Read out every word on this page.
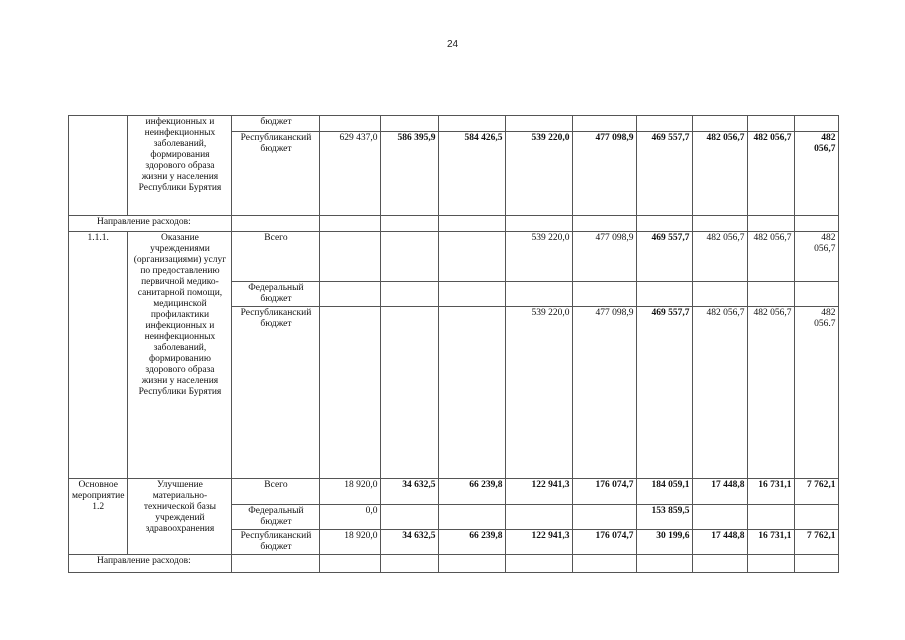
24
	инфекционных и неинфекционных заболеваний, формирования здорового образа жизни у населения Республики Бурятия	бюджет									
		Республиканский бюджет	629 437,0	586 395,9	584 426,5	539 220,0	477 098,9	469 557,7	482 056,7	482 056,7	482 056,7
Направление расходов:											
1.1.1.	Оказание учреждениями (организациями) услуг по предоставлению первичной медико-санитарной помощи, медицинской профилактики инфекционных и неинфекционных заболеваний, формированию здорового образа жизни у населения Республики Бурятия	Всего				539 220,0	477 098,9	469 557,7	482 056,7	482 056,7	482 056,7
		Федеральный бюджет									
		Республиканский бюджет				539 220,0	477 098,9	469 557,7	482 056,7	482 056,7	482 056.7
Основное мероприятие 1.2	Улучшение материально-технической базы учреждений здравоохранения	Всего	18 920,0	34 632,5	66 239,8	122 941,3	176 074,7	184 059,1	17 448,8	16 731,1	7 762,1
		Федеральный бюджет	0,0					153 859,5			
		Республиканский бюджет	18 920,0	34 632,5	66 239,8	122 941,3	176 074,7	30 199,6	17 448,8	16 731,1	7 762,1
Направление расходов:											
